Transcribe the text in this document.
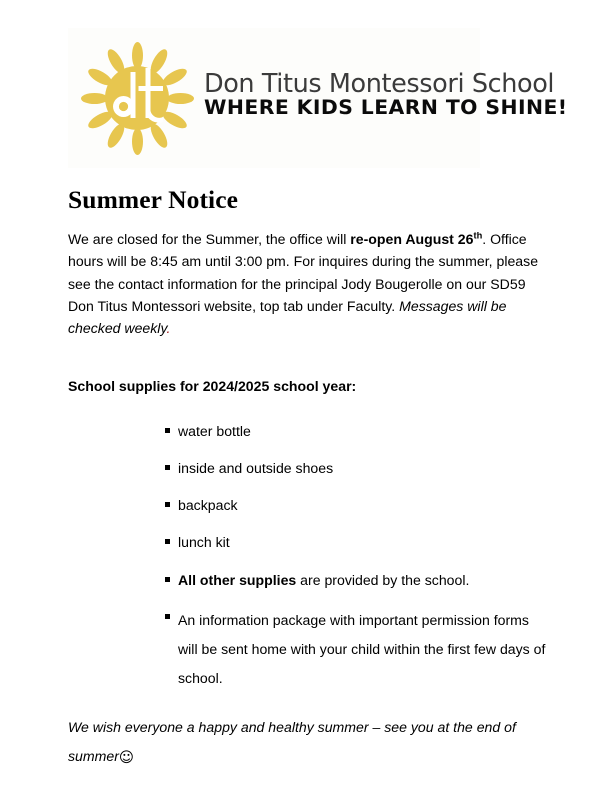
Don Titus Montessori School
WHERE KIDS LEARN TO SHINE!
Summer Notice

We are closed for the Summer, the office will re-open August 26th. Office hours will be 8:45 am until 3:00 pm. For inquires during the summer, please see the contact information for the principal Jody Bougerolle on our SD59 Don Titus Montessori website, top tab under Faculty. Messages will be checked weekly.

School supplies for 2024/2025 school year:
water bottle
inside and outside shoes
backpack
lunch kit
All other supplies are provided by the school.
An information package with important permission forms will be sent home with your child within the first few days of school.

We wish everyone a happy and healthy summer – see you at the end of summer☺
